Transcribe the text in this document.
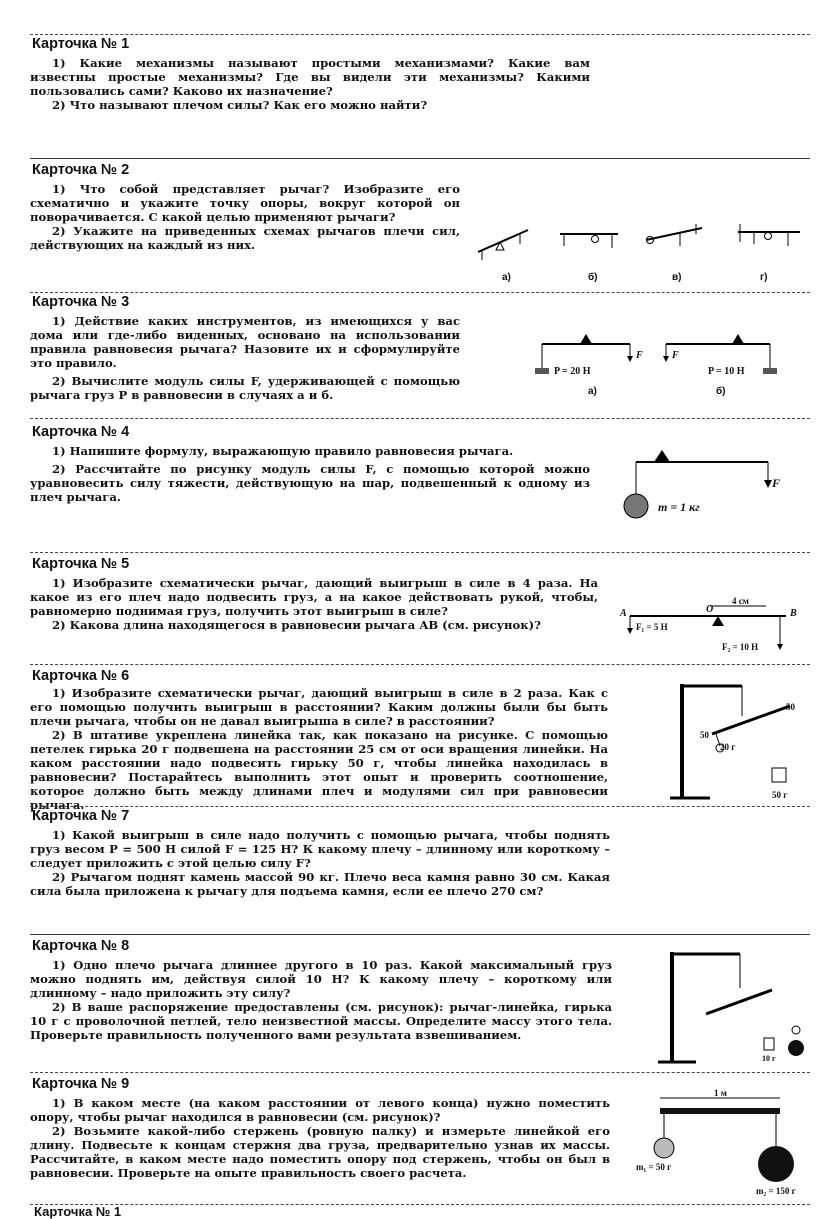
Карточка № 1

1) Какие механизмы называют простыми механизмами? Какие вам известны простые механизмы? Где вы видели эти механизмы? Какими пользовались сами? Каково их назначение?

2) Что называют плечом силы? Как его можно найти?

Карточка № 2

1) Что собой представляет рычаг? Изобразите его схематично и укажите точку опоры, вокруг которой он поворачивается. С какой целью применяют рычаги?

2) Укажите на приведенных схемах рычагов плечи сил, действующих на каждый из них.

а)	б)	в)	г)

Карточка № 3

1) Действие каких инструментов, из имеющихся у вас дома или где-либо виденных, основано на использовании правила равновесия рычага? Назовите их и сформулируйте это правило.

2) Вычислите модуль силы F, удерживающей с помощью рычага груз P в равновесии в случаях а и б.

F	F
P = 20 Н	P = 10 Н
а)	б)

Карточка № 4

1) Напишите формулу, выражающую правило равновесия рычага.

2) Рассчитайте по рисунку модуль силы F, с помощью которой можно уравновесить силу тяжести, действующую на шар, подвешенный к одному из плеч рычага.

F
m = 1 кг

Карточка № 5

1) Изобразите схематически рычаг, дающий выигрыш в силе в 4 раза. На какое из его плеч надо подвесить груз, а на какое действовать рукой, чтобы, равномерно поднимая груз, получить этот выигрыш в силе?

2) Какова длина находящегося в равновесии рычага AB (см. рисунок)?

4 см
A	O	B
F₁ = 5 Н
F₂ = 10 Н

Карточка № 6

1) Изобразите схематически рычаг, дающий выигрыш в силе в 2 раза. Как с его помощью получить выигрыш в расстоянии? Каким должны были бы быть плечи рычага, чтобы он не давал выигрыша в силе? в расстоянии?

2) В штативе укреплена линейка так, как показано на рисунке. С помощью петелек гирька 20 г подвешена на расстоянии 25 см от оси вращения линейки. На каком расстоянии надо подвесить гирьку 50 г, чтобы линейка находилась в равновесии? Постарайтесь выполнить этот опыт и проверить соотношение, которое должно быть между длинами плеч и модулями сил при равновесии рычага.

50
50
20 г
50 г

Карточка № 7

1) Какой выигрыш в силе надо получить с помощью рычага, чтобы поднять груз весом P = 500 Н силой F = 125 Н? К какому плечу – длинному или короткому – следует приложить с этой целью силу F?

2) Рычагом поднят камень массой 90 кг. Плечо веса камня равно 30 см. Какая сила была приложена к рычагу для подъема камня, если ее плечо 270 см?

Карточка № 8

1) Одно плечо рычага длиннее другого в 10 раз. Какой максимальный груз можно поднять им, действуя силой 10 Н? К какому плечу – короткому или длинному – надо приложить эту силу?

2) В ваше распоряжение предоставлены (см. рисунок): рычаг-линейка, гирька 10 г с проволочной петлей, тело неизвестной массы. Определите массу этого тела. Проверьте правильность полученного вами результата взвешиванием.

10 г

Карточка № 9

1) В каком месте (на каком расстоянии от левого конца) нужно поместить опору, чтобы рычаг находился в равновесии (см. рисунок)?

2) Возьмите какой-либо стержень (ровную палку) и измерьте линейкой его длину. Подвесьте к концам стержня два груза, предварительно узнав их массы. Рассчитайте, в каком месте надо поместить опору под стержень, чтобы он был в равновесии. Проверьте на опыте правильность своего расчета.

1 м
m₁ = 50 г
m₂ = 150 г
Карточка № 1
